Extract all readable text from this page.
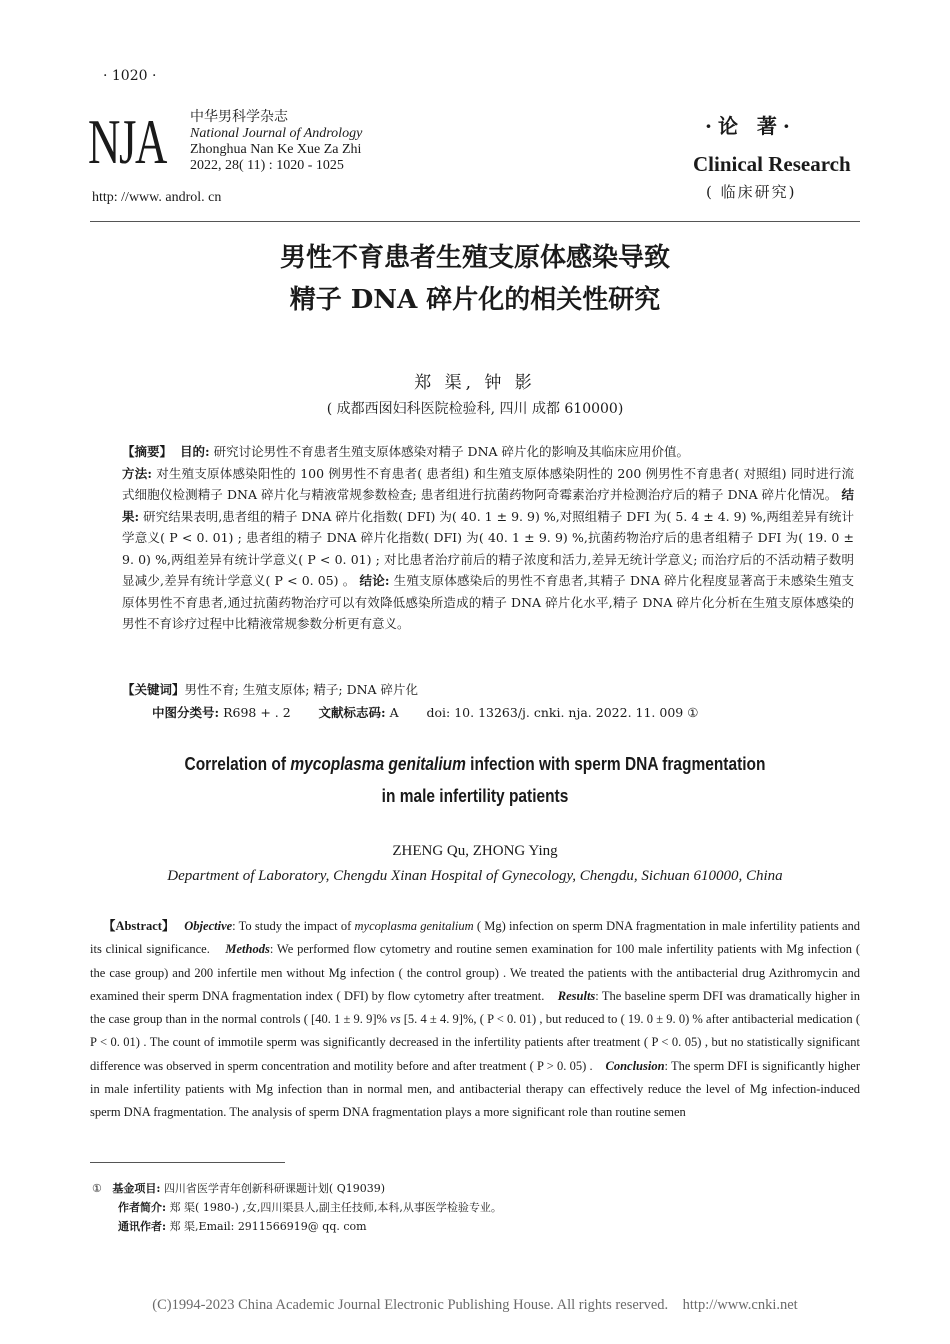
· 1020 ·
NJA 中华男科学杂志
National Journal of Andrology
Zhonghua Nan Ke Xue Za Zhi
2022, 28( 11) : 1020 - 1025
http: //www. androl. cn
·论 著·
Clinical Research
( 临床研究)
男性不育患者生殖支原体感染导致
精子 DNA 碎片化的相关性研究
郑 渠, 钟 影
( 成都西囡妇科医院检验科, 四川 成都 610000)
【摘要】 目的: 研究讨论男性不育患者生殖支原体感染对精子 DNA 碎片化的影响及其临床应用价值。
方法: 对生殖支原体感染阳性的 100 例男性不育患者( 患者组) 和生殖支原体感染阴性的 200 例男性不育患者( 对照组) 同时进行流式细胞仪检测精子 DNA 碎片化与精液常规参数检查; 患者组进行抗菌药物阿奇霉素治疗并检测治疗后的精子 DNA 碎片化情况。 结果: 研究结果表明,患者组的精子 DNA 碎片化指数( DFI) 为( 40. 1 ± 9. 9) %,对照组精子 DFI 为( 5. 4 ± 4. 9) %,两组差异有统计学意义( P < 0. 01) ; 患者组的精子 DNA 碎片化指数( DFI) 为( 40. 1 ± 9. 9) %,抗菌药物治疗后的患者组精子 DFI 为( 19. 0 ± 9. 0) %,两组差异有统计学意义( P < 0. 01) ; 对比患者治疗前后的精子浓度和活力,差异无统计学意义; 而治疗后的不活动精子数明显减少,差异有统计学意义( P < 0. 05) 。 结论: 生殖支原体感染后的男性不育患者,其精子 DNA 碎片化程度显著高于未感染生殖支原体男性不育患者,通过抗菌药物治疗可以有效降低感染所造成的精子 DNA 碎片化水平,精子 DNA 碎片化分析在生殖支原体感染的男性不育诊疗过程中比精液常规参数分析更有意义。
【关键词】男性不育; 生殖支原体; 精子; DNA 碎片化
中图分类号: R698 + . 2 文献标志码: A doi: 10. 13263/j. cnki. nja. 2022. 11. 009 ①
Correlation of mycoplasma genitalium infection with sperm DNA fragmentation
in male infertility patients
ZHENG Qu, ZHONG Ying
Department of Laboratory, Chengdu Xinan Hospital of Gynecology, Chengdu, Sichuan 610000, China
【Abstract】 Objective: To study the impact of mycoplasma genitalium ( Mg) infection on sperm DNA fragmentation in male infertility patients and its clinical significance. Methods: We performed flow cytometry and routine semen examination for 100 male infertility patients with Mg infection ( the case group) and 200 infertile men without Mg infection ( the control group) . We treated the patients with the antibacterial drug Azithromycin and examined their sperm DNA fragmentation index ( DFI) by flow cytometry after treatment. Results: The baseline sperm DFI was dramatically higher in the case group than in the normal controls ( [40. 1 ± 9. 9]% vs [5. 4 ± 4. 9]%, ( P < 0. 01) , but reduced to ( 19. 0 ± 9. 0) % after antibacterial medication ( P < 0. 01) . The count of immotile sperm was significantly decreased in the infertility patients after treatment ( P < 0. 05) , but no statistically significant difference was observed in sperm concentration and motility before and after treatment ( P > 0. 05) . Conclusion: The sperm DFI is significantly higher in male infertility patients with Mg infection than in normal men, and antibacterial therapy can effectively reduce the level of Mg infection-induced sperm DNA fragmentation. The analysis of sperm DNA fragmentation plays a more significant role than routine semen
① 基金项目: 四川省医学青年创新科研课题计划( Q19039)
作者简介: 郑 渠( 1980-) ,女,四川渠县人,副主任技师,本科,从事医学检验专业。
通讯作者: 郑 渠,Email: 2911566919@ qq. com
(C)1994-2023 China Academic Journal Electronic Publishing House. All rights reserved.    http://www.cnki.net
